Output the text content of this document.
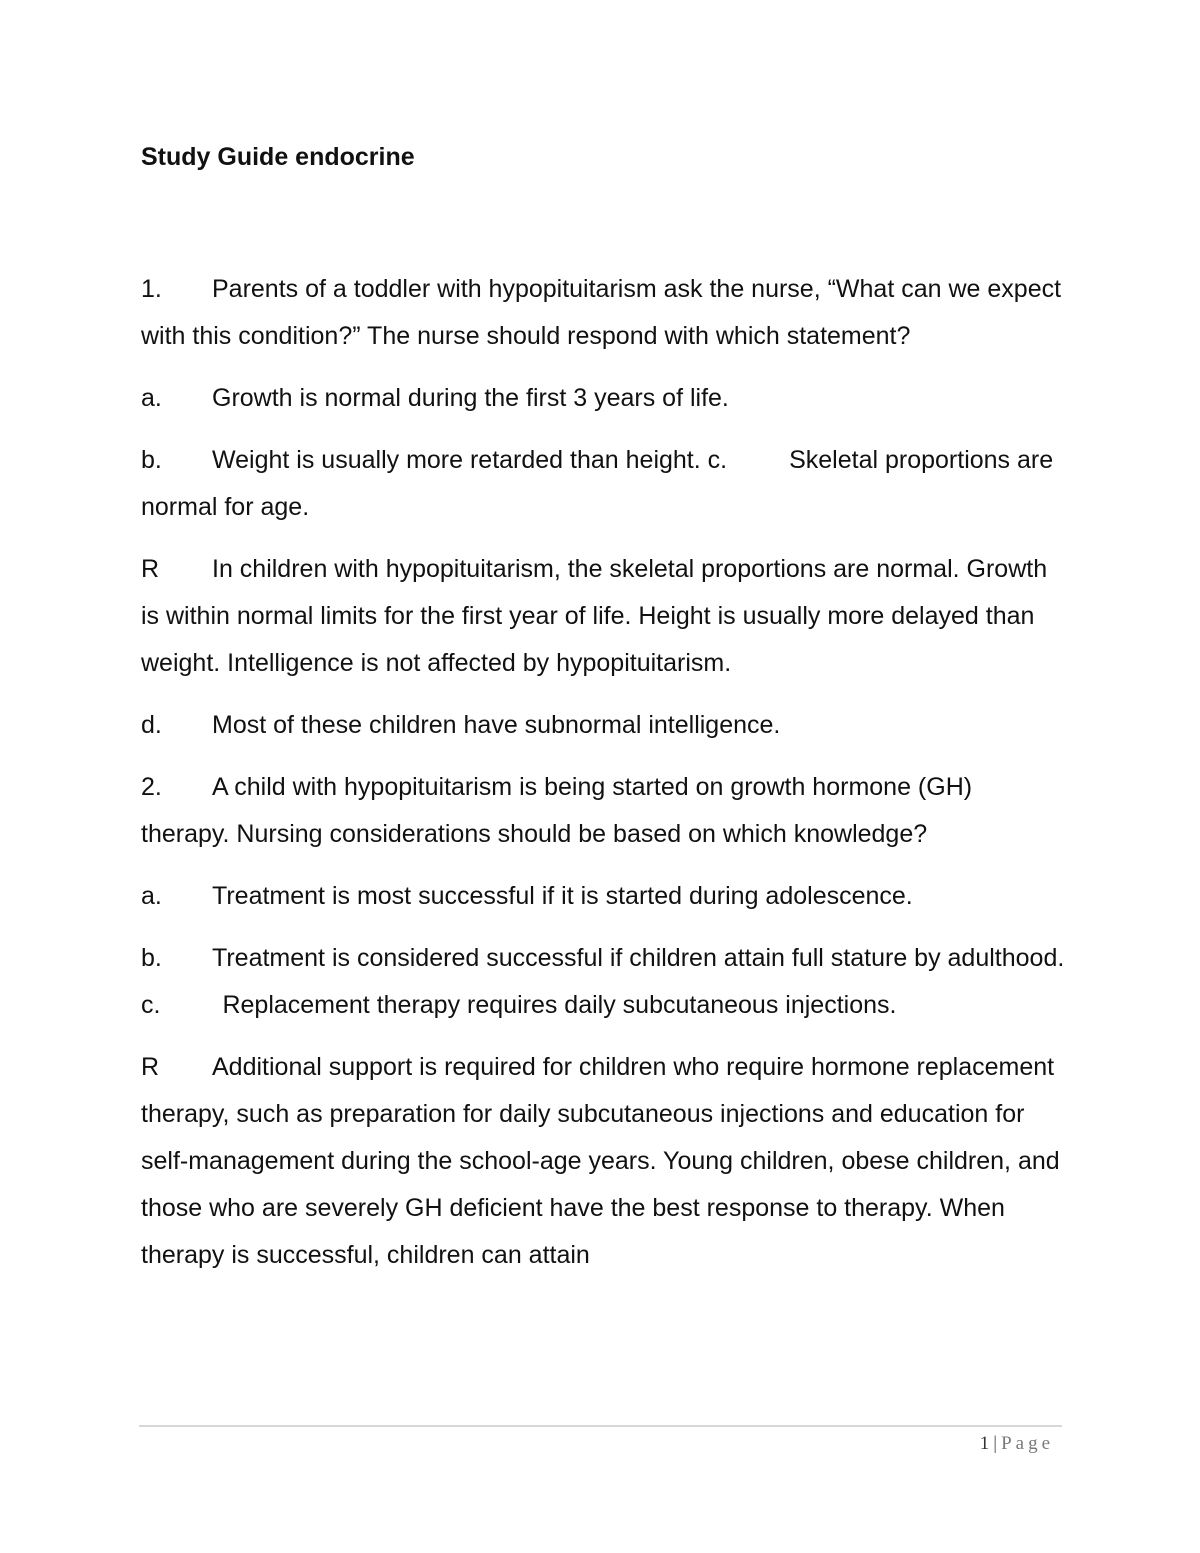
Study Guide endocrine

1. Parents of a toddler with hypopituitarism ask the nurse, “What can we expect with this condition?” The nurse should respond with which statement?

a. Growth is normal during the first 3 years of life.

b. Weight is usually more retarded than height. c. Skeletal proportions are normal for age.

R In children with hypopituitarism, the skeletal proportions are normal. Growth is within normal limits for the first year of life. Height is usually more delayed than weight. Intelligence is not affected by hypopituitarism.

d. Most of these children have subnormal intelligence.

2. A child with hypopituitarism is being started on growth hormone (GH) therapy. Nursing considerations should be based on which knowledge?

a. Treatment is most successful if it is started during adolescence.

b. Treatment is considered successful if children attain full stature by adulthood. c. Replacement therapy requires daily subcutaneous injections.

R Additional support is required for children who require hormone replacement therapy, such as preparation for daily subcutaneous injections and education for self-management during the school-age years. Young children, obese children, and those who are severely GH deficient have the best response to therapy. When therapy is successful, children can attain

1 | Page
